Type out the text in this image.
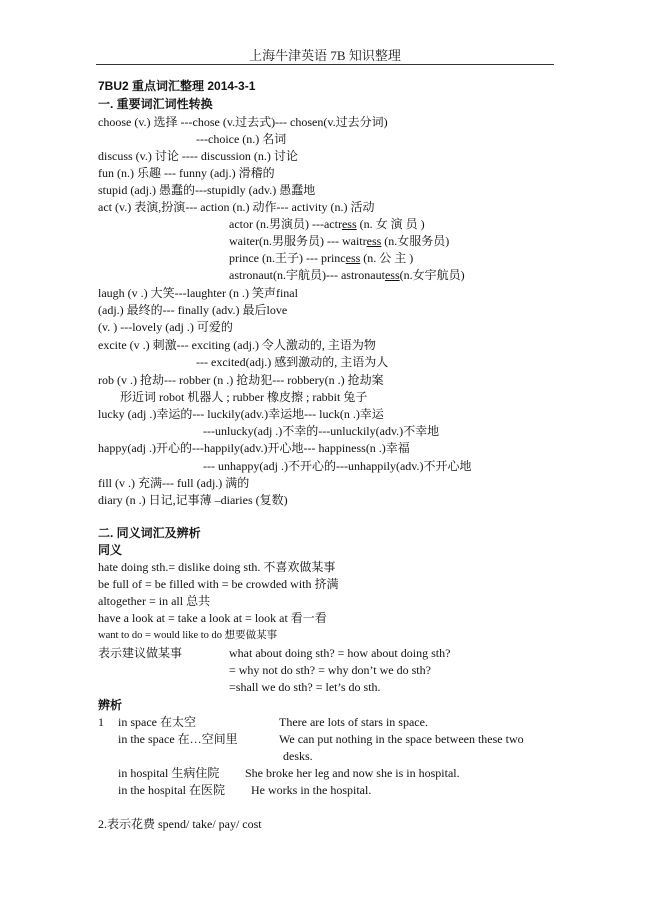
上海牛津英语 7B 知识整理
7BU2 重点词汇整理 2014-3-1
一. 重要词汇词性转换
choose (v.) 选择 ---chose (v.过去式)--- chosen(v.过去分词)
---choice (n.) 名词
discuss (v.) 讨论 ---- discussion (n.) 讨论
fun (n.) 乐趣 --- funny (adj.) 滑稽的
stupid (adj.) 愚蠢的---stupidly (adv.) 愚蠢地
act (v.) 表演,扮演--- action (n.) 动作--- activity (n.) 活动
actor (n.男演员) ---actress (n. 女 演 员 )
waiter(n.男服务员) --- waitress (n.女服务员)
prince (n.王子) --- princess (n. 公 主 )
astronaut(n.宇航员)--- astronautess(n.女宇航员)
laugh (v .) 大笑---laughter (n .) 笑声final
(adj.) 最终的--- finally (adv.) 最后love
(v. ) ---lovely (adj .) 可爱的
excite (v .) 刺激--- exciting (adj.) 令人激动的, 主语为物
--- excited(adj.) 感到激动的, 主语为人
rob (v .) 抢劫--- robber (n .) 抢劫犯--- robbery(n .) 抢劫案
形近词 robot 机器人 ; rubber 橡皮擦 ; rabbit 兔子
lucky (adj .)幸运的--- luckily(adv.)幸运地--- luck(n .)幸运
---unlucky(adj .)不幸的---unluckily(adv.)不幸地
happy(adj .)开心的---happily(adv.)开心地--- happiness(n .)幸福
--- unhappy(adj .)不开心的---unhappily(adv.)不开心地
fill (v .) 充满--- full (adj.) 满的
diary (n .) 日记,记事薄 –diaries (复数)
二. 同义词汇及辨析
同义
hate doing sth.= dislike doing sth. 不喜欢做某事
be full of = be filled with = be crowded with 挤满
altogether = in all 总共
have a look at = take a look at = look at 看一看
want to do = would like to do 想要做某事
表示建议做某事	what about doing sth? = how about doing sth?
= why not do sth? = why don’t we do sth?
=shall we do sth? = let’s do sth.
辨析
1 in space 在太空	There are lots of stars in space.
in the space 在…空间里	We can put nothing in the space between these two
desks.
in hospital 生病住院 She broke her leg and now she is in hospital.
in the hospital 在医院 He works in the hospital.
2.表示花费 spend/ take/ pay/ cost
